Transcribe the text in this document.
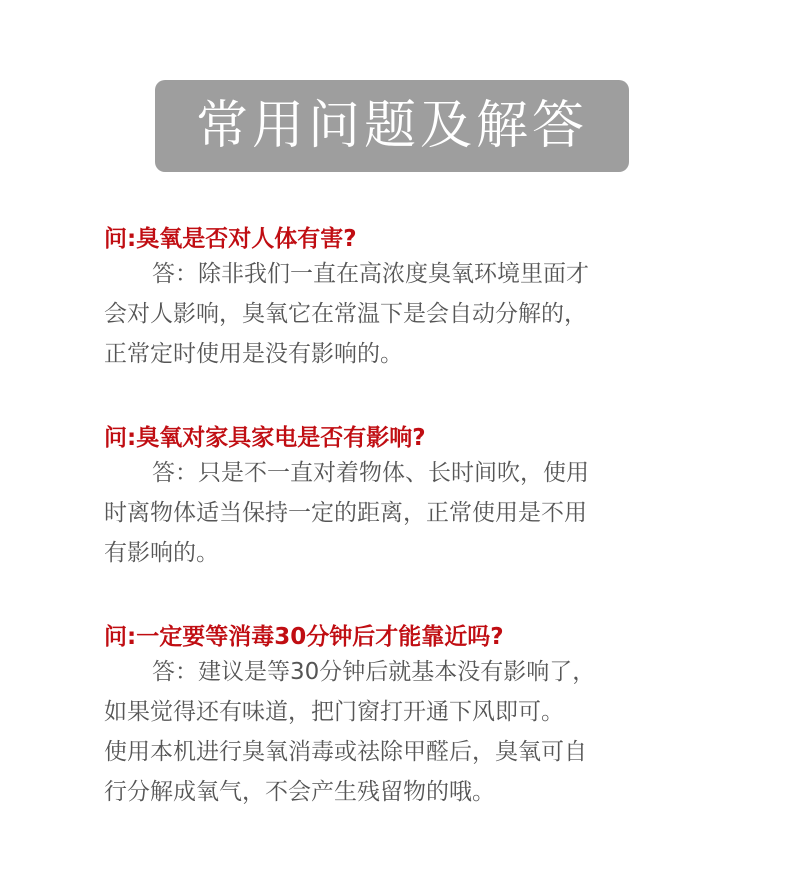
常用问题及解答

问:臭氧是否对人体有害?

答：除非我们一直在高浓度臭氧环境里面才

会对人影响，臭氧它在常温下是会自动分解的，

正常定时使用是没有影响的。

问:臭氧对家具家电是否有影响?

答：只是不一直对着物体、长时间吹，使用

时离物体适当保持一定的距离，正常使用是不用

有影响的。

问:一定要等消毒30分钟后才能靠近吗?

答：建议是等30分钟后就基本没有影响了，

如果觉得还有味道，把门窗打开通下风即可。

使用本机进行臭氧消毒或祛除甲醛后，臭氧可自

行分解成氧气，不会产生残留物的哦。
